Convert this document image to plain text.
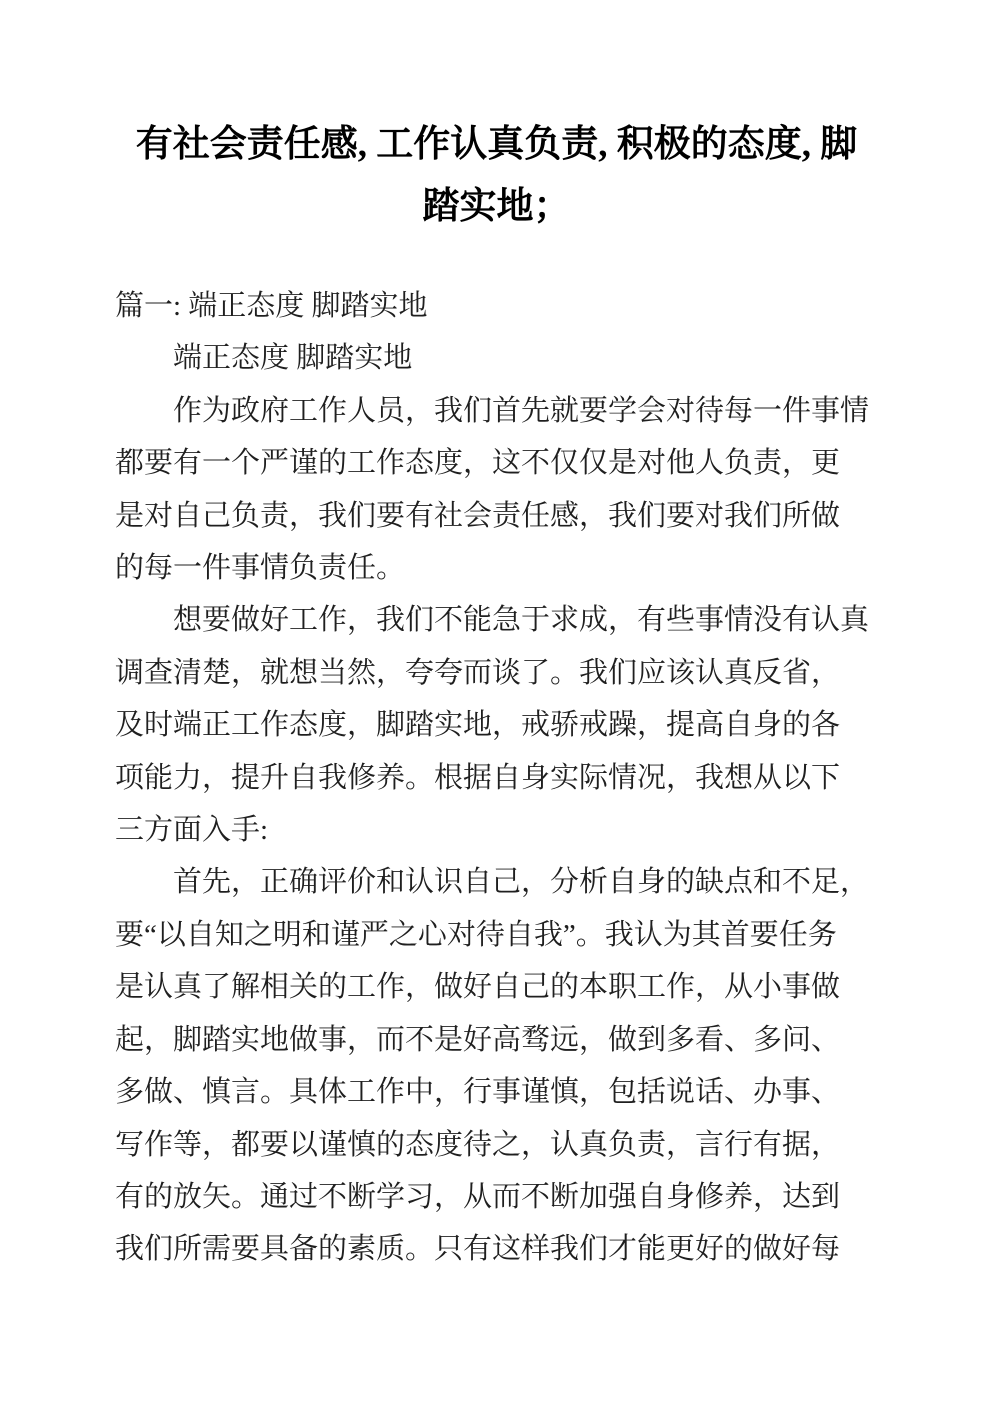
有社会责任感, 工作认真负责, 积极的态度, 脚
踏实地；
篇一: 端正态度 脚踏实地
端正态度 脚踏实地
作为政府工作人员，我们首先就要学会对待每一件事情
都要有一个严谨的工作态度，这不仅仅是对他人负责，更
是对自己负责，我们要有社会责任感，我们要对我们所做
的每一件事情负责任。
想要做好工作，我们不能急于求成，有些事情没有认真
调查清楚，就想当然，夸夸而谈了。我们应该认真反省，
及时端正工作态度，脚踏实地，戒骄戒躁，提高自身的各
项能力，提升自我修养。根据自身实际情况，我想从以下
三方面入手:
首先，正确评价和认识自己，分析自身的缺点和不足，
要“以自知之明和谨严之心对待自我”。我认为其首要任务
是认真了解相关的工作，做好自己的本职工作，从小事做
起，脚踏实地做事，而不是好高骛远，做到多看、多问、
多做、慎言。具体工作中，行事谨慎，包括说话、办事、
写作等，都要以谨慎的态度待之，认真负责，言行有据，
有的放矢。通过不断学习，从而不断加强自身修养，达到
我们所需要具备的素质。只有这样我们才能更好的做好每
